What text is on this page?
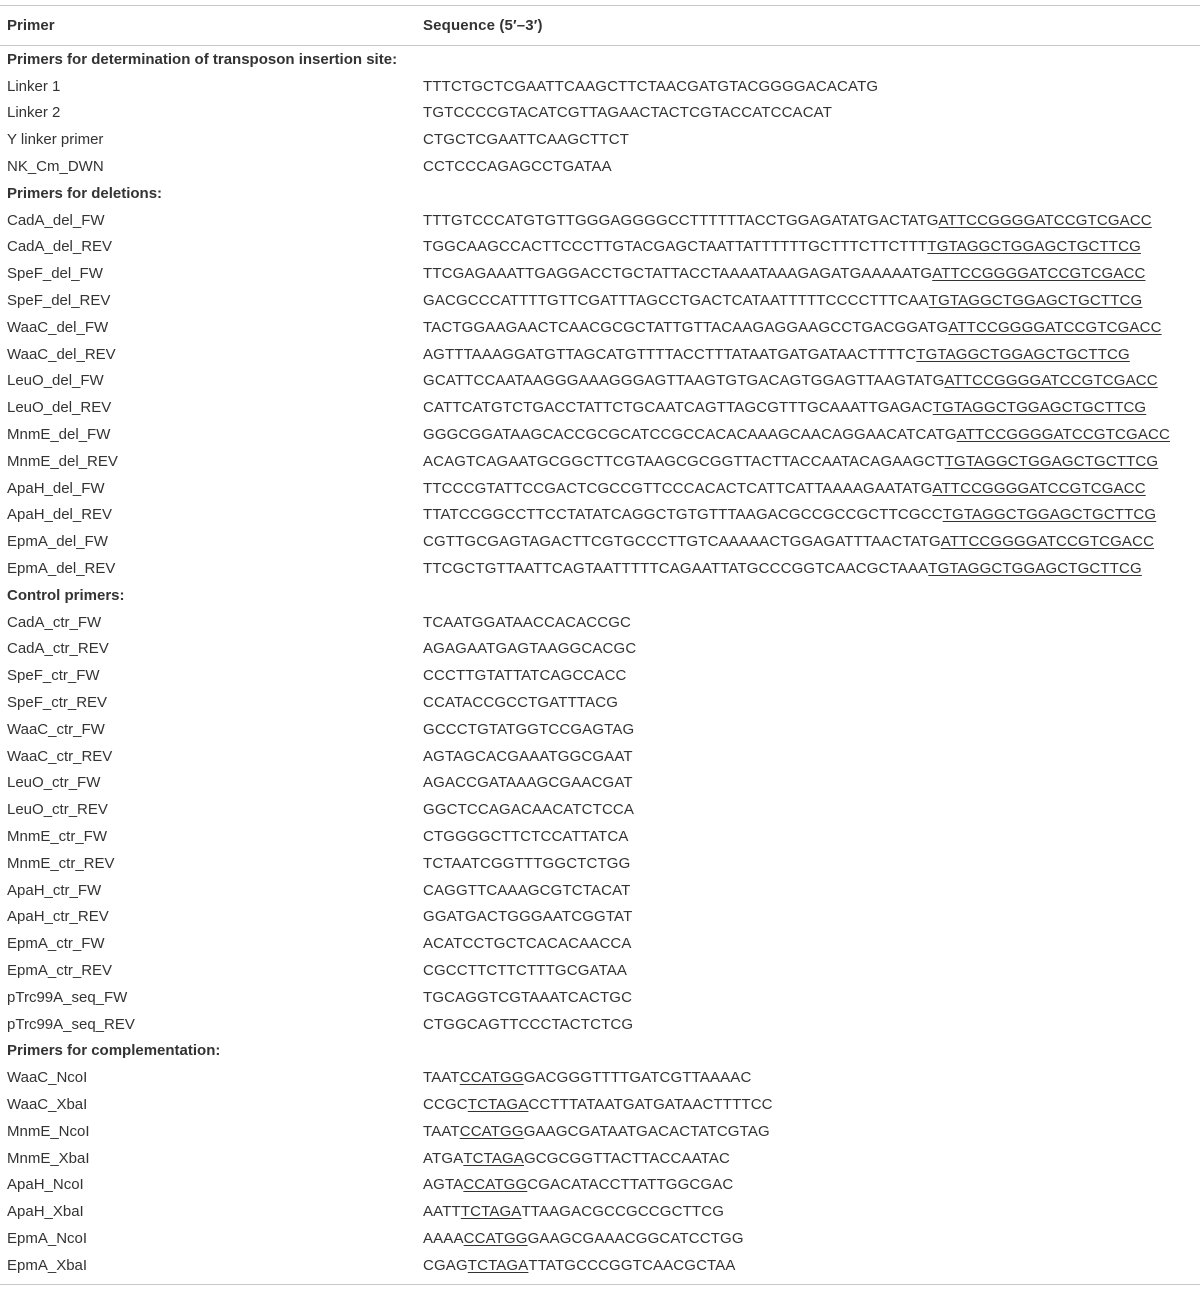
Primer	Sequence (5′–3′)
Primers for determination of transposon insertion site:
Linker 1	TTTCTGCTCGAATTCAAGCTTCTAACGATGTACGGGGACACATG
Linker 2	TGTCCCCGTACATCGTTAGAACTACTCGTACCATCCACAT
Y linker primer	CTGCTCGAATTCAAGCTTCT
NK_Cm_DWN	CCTCCCAGAGCCTGATAA
Primers for deletions:
CadA_del_FW	TTTGTCCCATGTGTTGGGAGGGGCCTTTTTTACCTGGAGATATGACTATG ATTCCGGGGATCCGTCGACC
CadA_del_REV	TGGCAAGCCACTTCCCTTGTACGAGCTAATTATTTTTTGCTTTCTTCTTT TGTAGGCTGGAGCTGCTTCG
SpeF_del_FW	TTCGAGAAATTGAGGACCTGCTATTACCTAAAATAAAGAGATGAAAAATG ATTCCGGGGATCCGTCGACC
SpeF_del_REV	GACGCCCATTTTGTTCGATTTAGCCTGACTCATAATTTTTCCCCTTTCAA TGTAGGCTGGAGCTGCTTCG
WaaC_del_FW	TACTGGAAGAACTCAACGCGCTATTGTTACAAGAGGAAGCCTGACGGATG ATTCCGGGGATCCGTCGACC
WaaC_del_REV	AGTTTAAAGGATGTTAGCATGTTTTACCTTTATAATGATGATAACTTTTC TGTAGGCTGGAGCTGCTTCG
LeuO_del_FW	GCATTCCAATAAGGGAAAGGGAGTTAAGTGTGACAGTGGAGTTAAGTATG ATTCCGGGGATCCGTCGACC
LeuO_del_REV	CATTCATGTCTGACCTATTCTGCAATCAGTTAGCGTTTGCAAATTGAGAC TGTAGGCTGGAGCTGCTTCG
MnmE_del_FW	GGGCGGATAAGCACCGCGCATCCGCCACACAAAGCAACAGGAACATCATG ATTCCGGGGATCCGTCGACC
MnmE_del_REV	ACAGTCAGAATGCGGCTTCGTAAGCGCGGTTACTTACCAATACAGAAGCT TGTAGGCTGGAGCTGCTTCG
ApaH_del_FW	TTCCCGTATTCCGACTCGCCGTTCCCACACTCATTCATTAAAAGAATATG ATTCCGGGGATCCGTCGACC
ApaH_del_REV	TTATCCGGCCTTCCTATATCAGGCTGTGTTTAAGACGCCGCCGCTTCGCC TGTAGGCTGGAGCTGCTTCG
EpmA_del_FW	CGTTGCGAGTAGACTTCGTGCCCTTGTCAAAAACTGGAGATTTAACTATG ATTCCGGGGATCCGTCGACC
EpmA_del_REV	TTCGCTGTTAATTCAGTAATTTTTCAGAATTATGCCCGGTCAACGCTAAA TGTAGGCTGGAGCTGCTTCG
Control primers:
CadA_ctr_FW	TCAATGGATAACCACACCGC
CadA_ctr_REV	AGAGAATGAGTAAGGCACGC
SpeF_ctr_FW	CCCTTGTATTATCAGCCACC
SpeF_ctr_REV	CCATACCGCCTGATTTACG
WaaC_ctr_FW	GCCCTGTATGGTCCGAGTAG
WaaC_ctr_REV	AGTAGCACGAAATGGCGAAT
LeuO_ctr_FW	AGACCGATAAAGCGAACGAT
LeuO_ctr_REV	GGCTCCAGACAACATCTCCA
MnmE_ctr_FW	CTGGGGCTTCTCCATTATCA
MnmE_ctr_REV	TCTAATCGGTTTGGCTCTGG
ApaH_ctr_FW	CAGGTTCAAAGCGTCTACAT
ApaH_ctr_REV	GGATGACTGGGAATCGGTAT
EpmA_ctr_FW	ACATCCTGCTCACACAACCA
EpmA_ctr_REV	CGCCTTCTTCTTTGCGATAA
pTrc99A_seq_FW	TGCAGGTCGTAAATCACTGC
pTrc99A_seq_REV	CTGGCAGTTCCCTACTCTCG
Primers for complementation:
WaaC_NcoI	TAAT CCATGG GACGGGTTTTGATCGTTAAAAC
WaaC_XbaI	CCGC TCTAGA CCTTTATAATGATGATAACTTTTCC
MnmE_NcoI	TAAT CCATGG GAAGCGATAATGACACTATCGTAG
MnmE_XbaI	ATGA TCTAGA GCGCGGTTACTTACCAATAC
ApaH_NcoI	AGTA CCATGG CGACATACCTTATTGGCGAC
ApaH_XbaI	AATT TCTAGA TTAAGACGCCGCCGCTTCG
EpmA_NcoI	AAAA CCATGG GAAGCGAAACGGCATCCTGG
EpmA_XbaI	CGAG TCTAGA TTATGCCCGGTCAACGCTAA
